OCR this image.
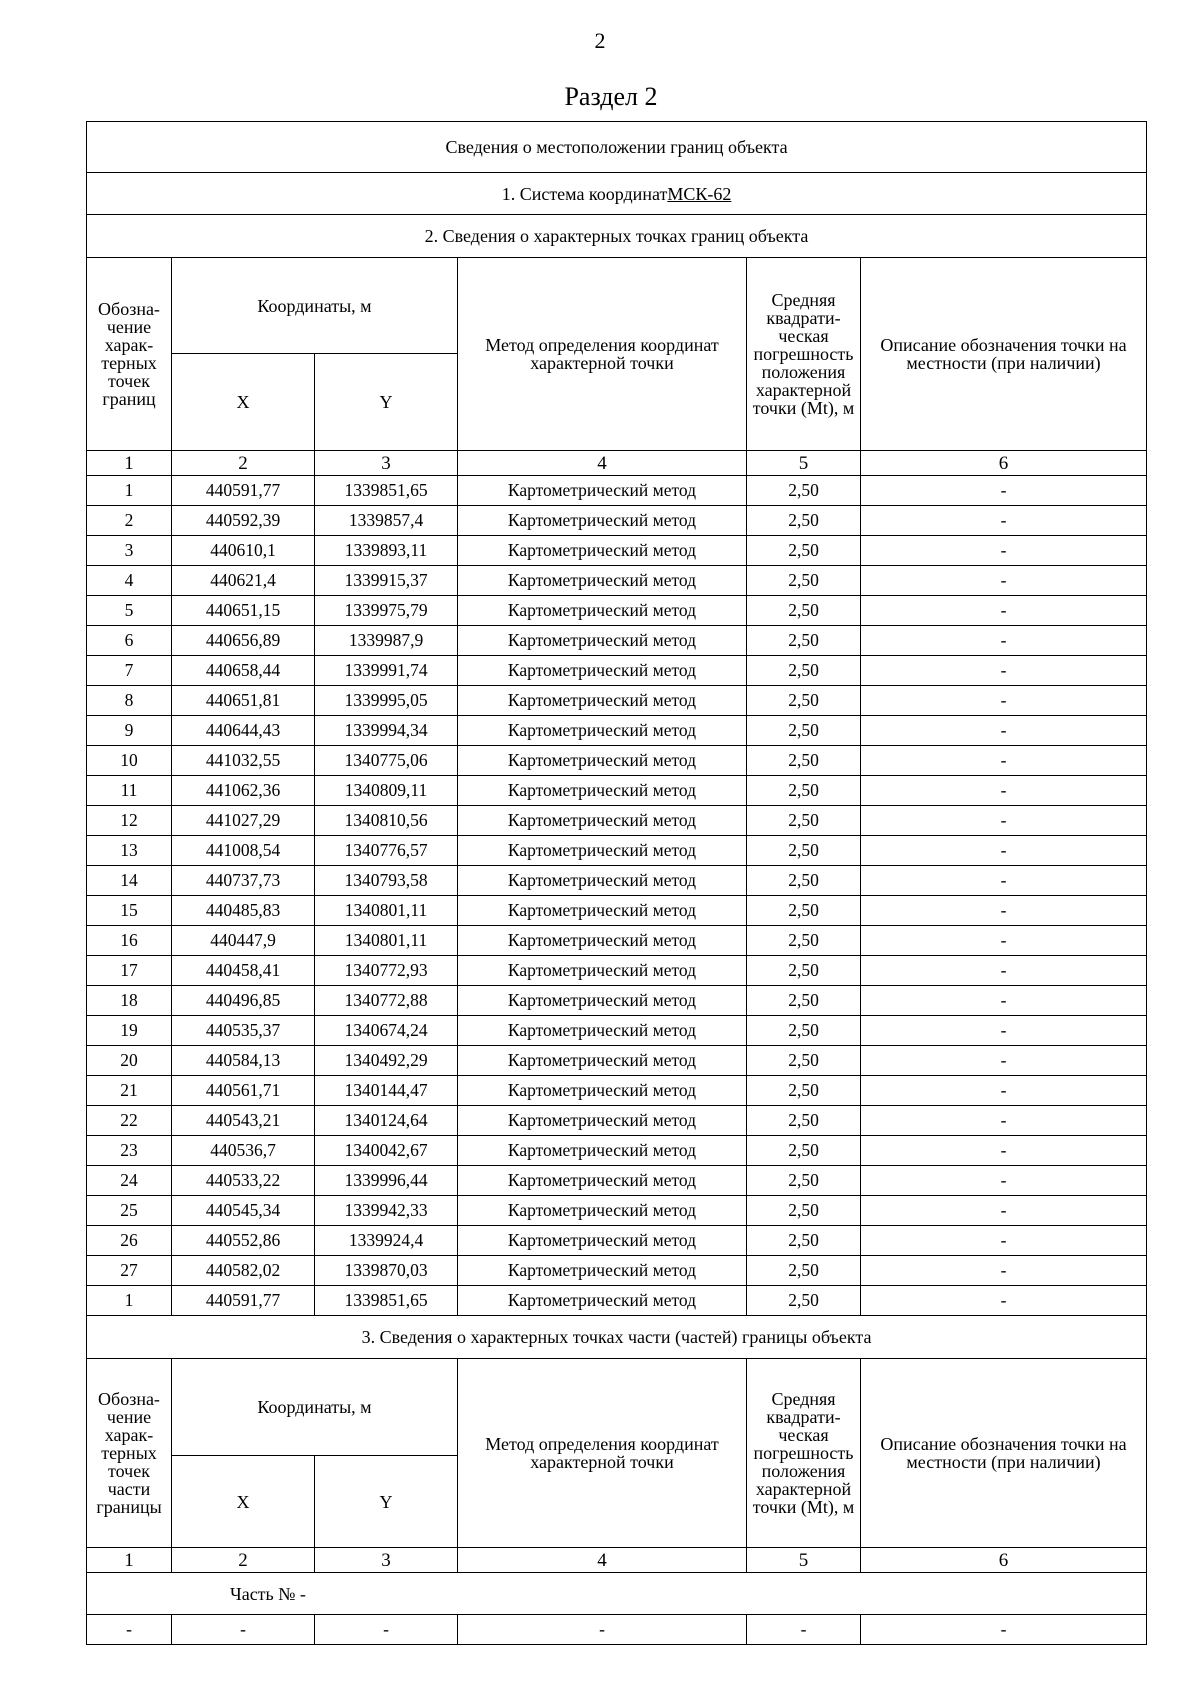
2
Раздел 2
Сведения о местоположении границ объекта					
1. Система координатМСК-62					
2. Сведения о характерных точках границ объекта					
Обозна-чение харак-терных точек границ	Координаты, м		Метод определения координат характерной точки	Средняя квадрати-ческая погрешность положения характерной точки (Mt), м	Описание обозначения точки на местности (при наличии)
	X	Y			
1	2	3	4	5	6
1	440591,77	1339851,65	Картометрический метод	2,50	-
2	440592,39	1339857,4	Картометрический метод	2,50	-
3	440610,1	1339893,11	Картометрический метод	2,50	-
4	440621,4	1339915,37	Картометрический метод	2,50	-
5	440651,15	1339975,79	Картометрический метод	2,50	-
6	440656,89	1339987,9	Картометрический метод	2,50	-
7	440658,44	1339991,74	Картометрический метод	2,50	-
8	440651,81	1339995,05	Картометрический метод	2,50	-
9	440644,43	1339994,34	Картометрический метод	2,50	-
10	441032,55	1340775,06	Картометрический метод	2,50	-
11	441062,36	1340809,11	Картометрический метод	2,50	-
12	441027,29	1340810,56	Картометрический метод	2,50	-
13	441008,54	1340776,57	Картометрический метод	2,50	-
14	440737,73	1340793,58	Картометрический метод	2,50	-
15	440485,83	1340801,11	Картометрический метод	2,50	-
16	440447,9	1340801,11	Картометрический метод	2,50	-
17	440458,41	1340772,93	Картометрический метод	2,50	-
18	440496,85	1340772,88	Картометрический метод	2,50	-
19	440535,37	1340674,24	Картометрический метод	2,50	-
20	440584,13	1340492,29	Картометрический метод	2,50	-
21	440561,71	1340144,47	Картометрический метод	2,50	-
22	440543,21	1340124,64	Картометрический метод	2,50	-
23	440536,7	1340042,67	Картометрический метод	2,50	-
24	440533,22	1339996,44	Картометрический метод	2,50	-
25	440545,34	1339942,33	Картометрический метод	2,50	-
26	440552,86	1339924,4	Картометрический метод	2,50	-
27	440582,02	1339870,03	Картометрический метод	2,50	-
1	440591,77	1339851,65	Картометрический метод	2,50	-
3. Сведения о характерных точках части (частей) границы объекта					
Обозна-чение харак-терных точек части границы	Координаты, м		Метод определения координат характерной точки	Средняя квадрати-ческая погрешность положения характерной точки (Mt), м	Описание обозначения точки на местности (при наличии)
	X	Y			
1	2	3	4	5	6
Часть № -					
-	-	-	-	-	-
